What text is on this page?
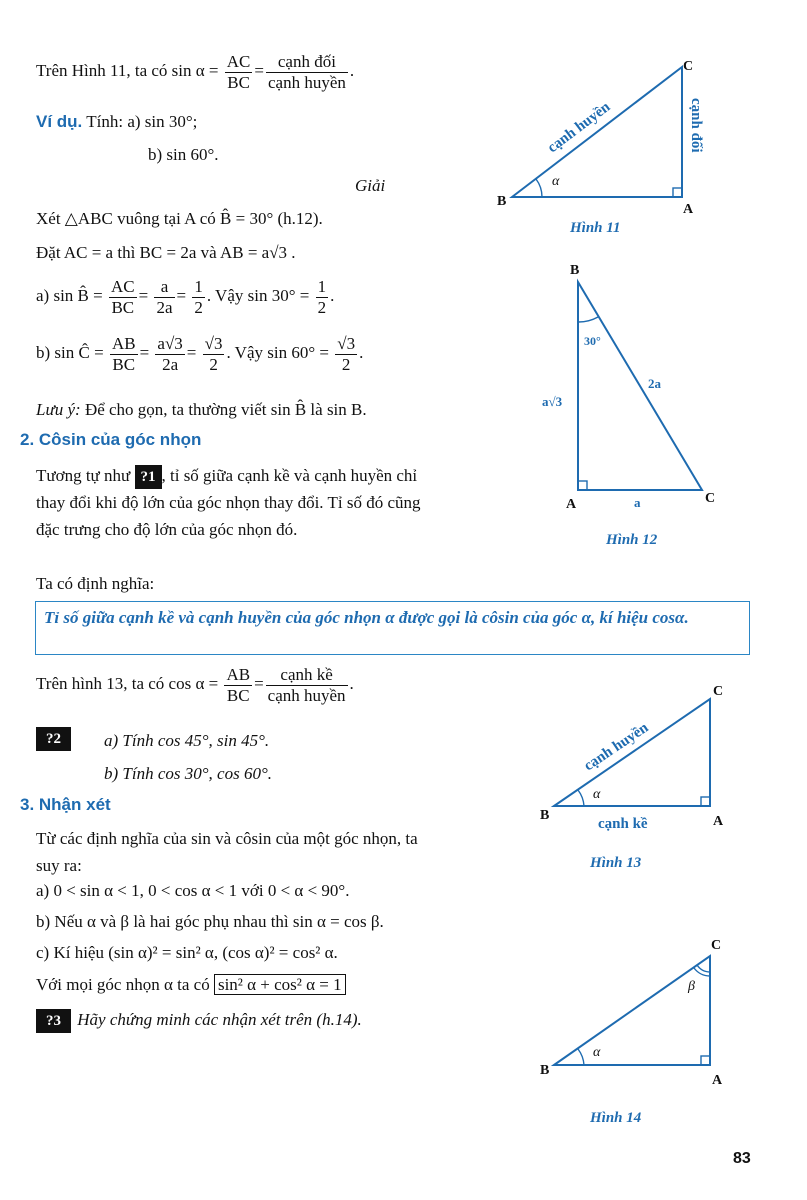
Trên Hình 11, ta có $\sin \alpha = \frac{AC}{BC} = \frac{\text{cạnh đối}}{\text{cạnh huyền}}$ .
Ví dụ. Tính: a) sin 30°;
b) sin 60°.
Giải
Xét △ABC vuông tại A có B̂ = 30° (h.12).
Đặt AC = a thì BC = 2a và AB = a√3 .
a) sin B̂ = $\frac{AC}{BC} = \frac{a}{2a} = \frac{1}{2}$ . Vậy $\sin 30^\circ = \frac{1}{2}$ .
b) sin Ĉ = $\frac{AB}{BC} = \frac{a√3}{2a} = \frac{√3}{2}$ . Vậy $\sin 60^\circ = \frac{√3}{2}$ .
Lưu ý: Để cho gọn, ta thường viết sin B̂ là sin B.
2. Côsin của góc nhọn
Tương tự như ?1 , tỉ số giữa cạnh kề và cạnh huyền chỉ thay đổi khi độ lớn của góc nhọn thay đổi. Tỉ số đó cũng đặc trưng cho độ lớn của góc nhọn đó.
Ta có định nghĩa:
Tỉ số giữa cạnh kề và cạnh huyền của góc nhọn α được gọi là côsin của góc α, kí hiệu cosα.
Trên hình 13, ta có $\cos \alpha = \frac{AB}{BC} = \frac{\text{cạnh kề}}{\text{cạnh huyền}}$ .
?2	a) Tính cos 45°, sin 45°.
b) Tính cos 30°, cos 60°.
3. Nhận xét
Từ các định nghĩa của sin và côsin của một góc nhọn, ta suy ra:
a) 0 < sin α < 1, 0 < cos α < 1 với 0 < α < 90°.
b) Nếu α và β là hai góc phụ nhau thì sin α = cos β.
c) Kí hiệu (sin α)² = sin² α, (cos α)² = cos² α.
Với mọi góc nhọn α ta có sin² α + cos² α = 1
?3 Hãy chứng minh các nhận xét trên (h.14).
α
B
C
A
cạnh huyền	cạnh đối
Hình 11
B
A	C
30°
2a
a√3
a
Hình 12
α
B
C
A
cạnh huyền
cạnh kề
Hình 13
α
β
B
C
A
Hình 14
83
